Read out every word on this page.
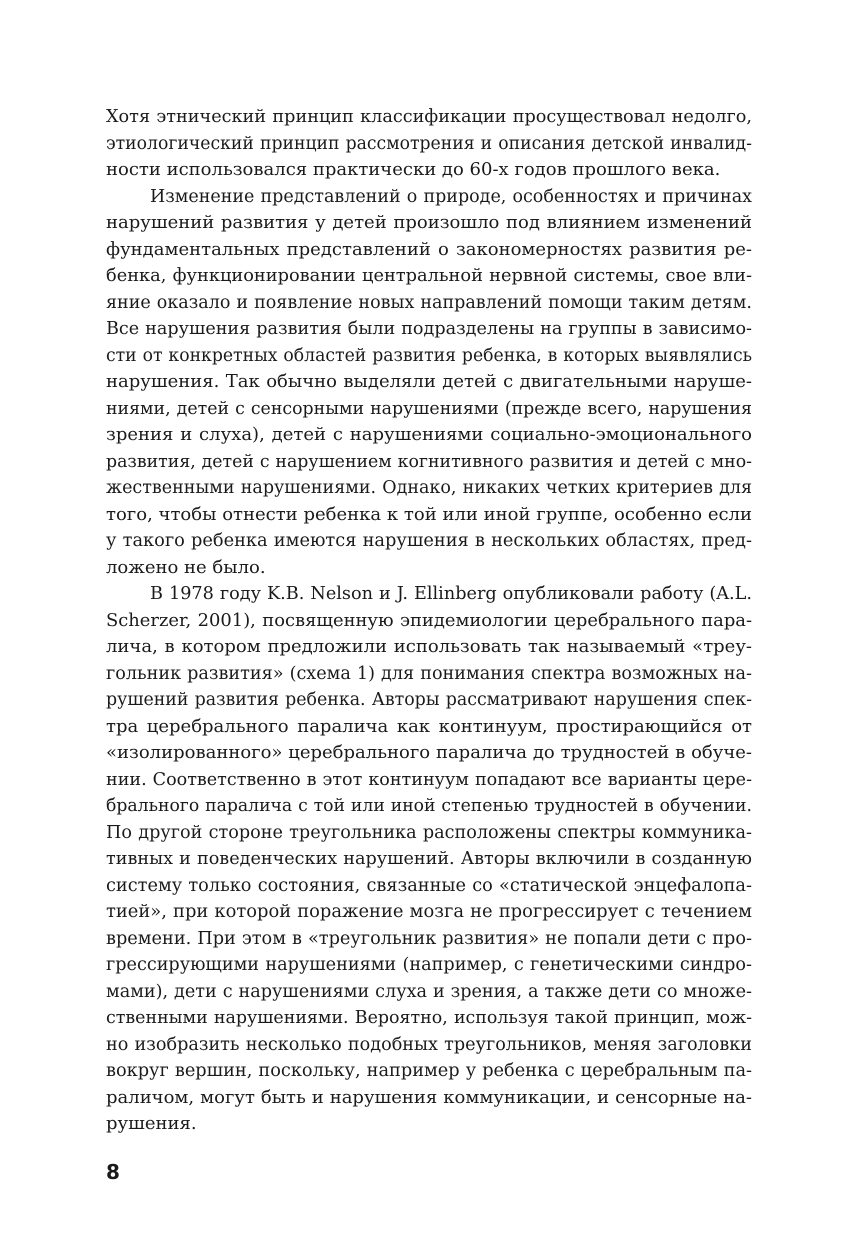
Хотя этнический принцип классификации просуществовал недолго,
этиологический принцип рассмотрения и описания детской инвалид-
ности использовался практически до 60-х годов прошлого века.
Изменение представлений о природе, особенностях и причинах
нарушений развития у детей произошло под влиянием изменений
фундаментальных представлений о закономерностях развития ре-
бенка, функционировании центральной нервной системы, свое вли-
яние оказало и появление новых направлений помощи таким детям.
Все нарушения развития были подразделены на группы в зависимо-
сти от конкретных областей развития ребенка, в которых выявлялись
нарушения. Так обычно выделяли детей с двигательными наруше-
ниями, детей с сенсорными нарушениями (прежде всего, нарушения
зрения и слуха), детей с нарушениями социально-эмоционального
развития, детей с нарушением когнитивного развития и детей с мно-
жественными нарушениями. Однако, никаких четких критериев для
того, чтобы отнести ребенка к той или иной группе, особенно если
у такого ребенка имеются нарушения в нескольких областях, пред-
ложено не было.
В 1978 году K.B. Nelson и J. Ellinberg опубликовали работу (A.L.
Scherzer, 2001), посвященную эпидемиологии церебрального пара-
лича, в котором предложили использовать так называемый «треу-
гольник развития» (схема 1) для понимания спектра возможных на-
рушений развития ребенка. Авторы рассматривают нарушения спек-
тра церебрального паралича как континуум, простирающийся от
«изолированного» церебрального паралича до трудностей в обуче-
нии. Соответственно в этот континуум попадают все варианты цере-
брального паралича с той или иной степенью трудностей в обучении.
По другой стороне треугольника расположены спектры коммуника-
тивных и поведенческих нарушений. Авторы включили в созданную
систему только состояния, связанные со «статической энцефалопа-
тией», при которой поражение мозга не прогрессирует с течением
времени. При этом в «треугольник развития» не попали дети с про-
грессирующими нарушениями (например, с генетическими синдро-
мами), дети с нарушениями слуха и зрения, а также дети со множе-
ственными нарушениями. Вероятно, используя такой принцип, мож-
но изобразить несколько подобных треугольников, меняя заголовки
вокруг вершин, поскольку, например у ребенка с церебральным па-
раличом, могут быть и нарушения коммуникации, и сенсорные на-
рушения.
8
